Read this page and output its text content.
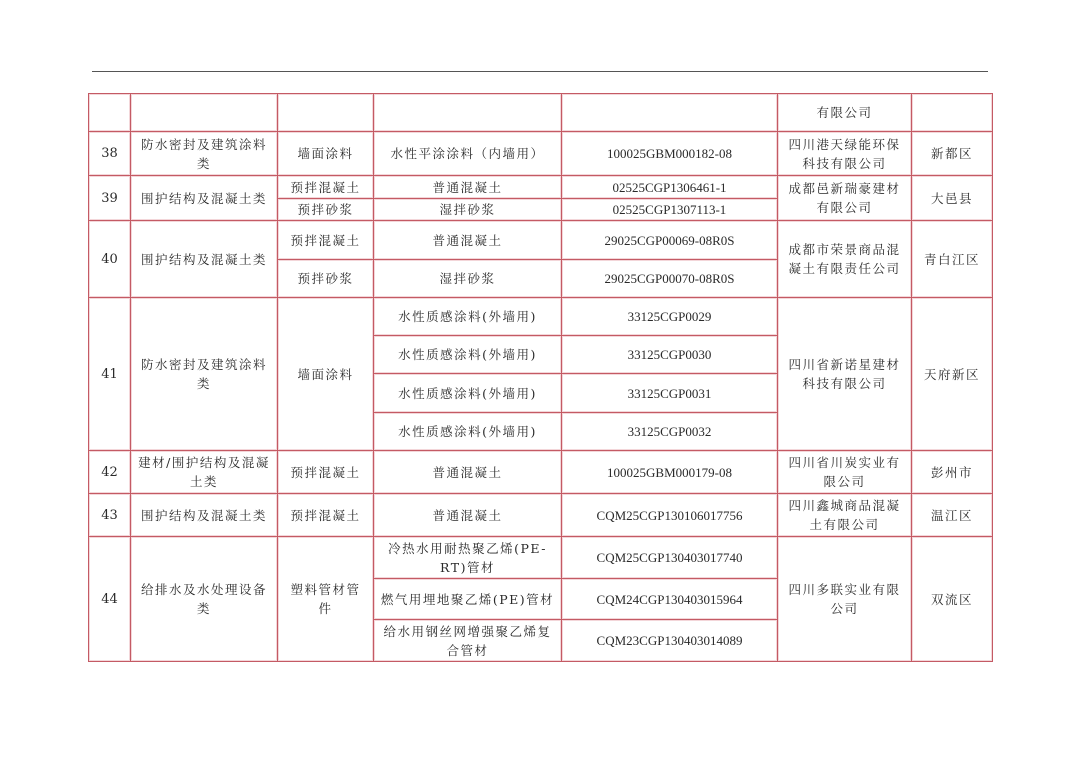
					有限公司	
38	防水密封及建筑涂料类	墙面涂料	水性平涂涂料（内墙用）	100025GBM000182-08	四川港天绿能环保科技有限公司	新都区
39	围护结构及混凝土类	预拌混凝土	普通混凝土	02525CGP1306461-1	成都邑新瑞豪建材有限公司	大邑县
		预拌砂浆	湿拌砂浆	02525CGP1307113-1		
40	围护结构及混凝土类	预拌混凝土	普通混凝土	29025CGP00069-08R0S	成都市荣景商品混凝土有限责任公司	青白江区
		预拌砂浆	湿拌砂浆	29025CGP00070-08R0S		
41	防水密封及建筑涂料类	墙面涂料	水性质感涂料(外墙用)	33125CGP0029	四川省新诺星建材科技有限公司	天府新区
			水性质感涂料(外墙用)	33125CGP0030		
			水性质感涂料(外墙用)	33125CGP0031		
			水性质感涂料(外墙用)	33125CGP0032		
42	建材/围护结构及混凝土类	预拌混凝土	普通混凝土	100025GBM000179-08	四川省川炭实业有限公司	彭州市
43	围护结构及混凝土类	预拌混凝土	普通混凝土	CQM25CGP130106017756	四川鑫城商品混凝土有限公司	温江区
44	给排水及水处理设备类	塑料管材管件	冷热水用耐热聚乙烯(PE-RT)管材	CQM25CGP130403017740	四川多联实业有限公司	双流区
			燃气用埋地聚乙烯(PE)管材	CQM24CGP130403015964		
			给水用钢丝网增强聚乙烯复合管材	CQM23CGP130403014089		
